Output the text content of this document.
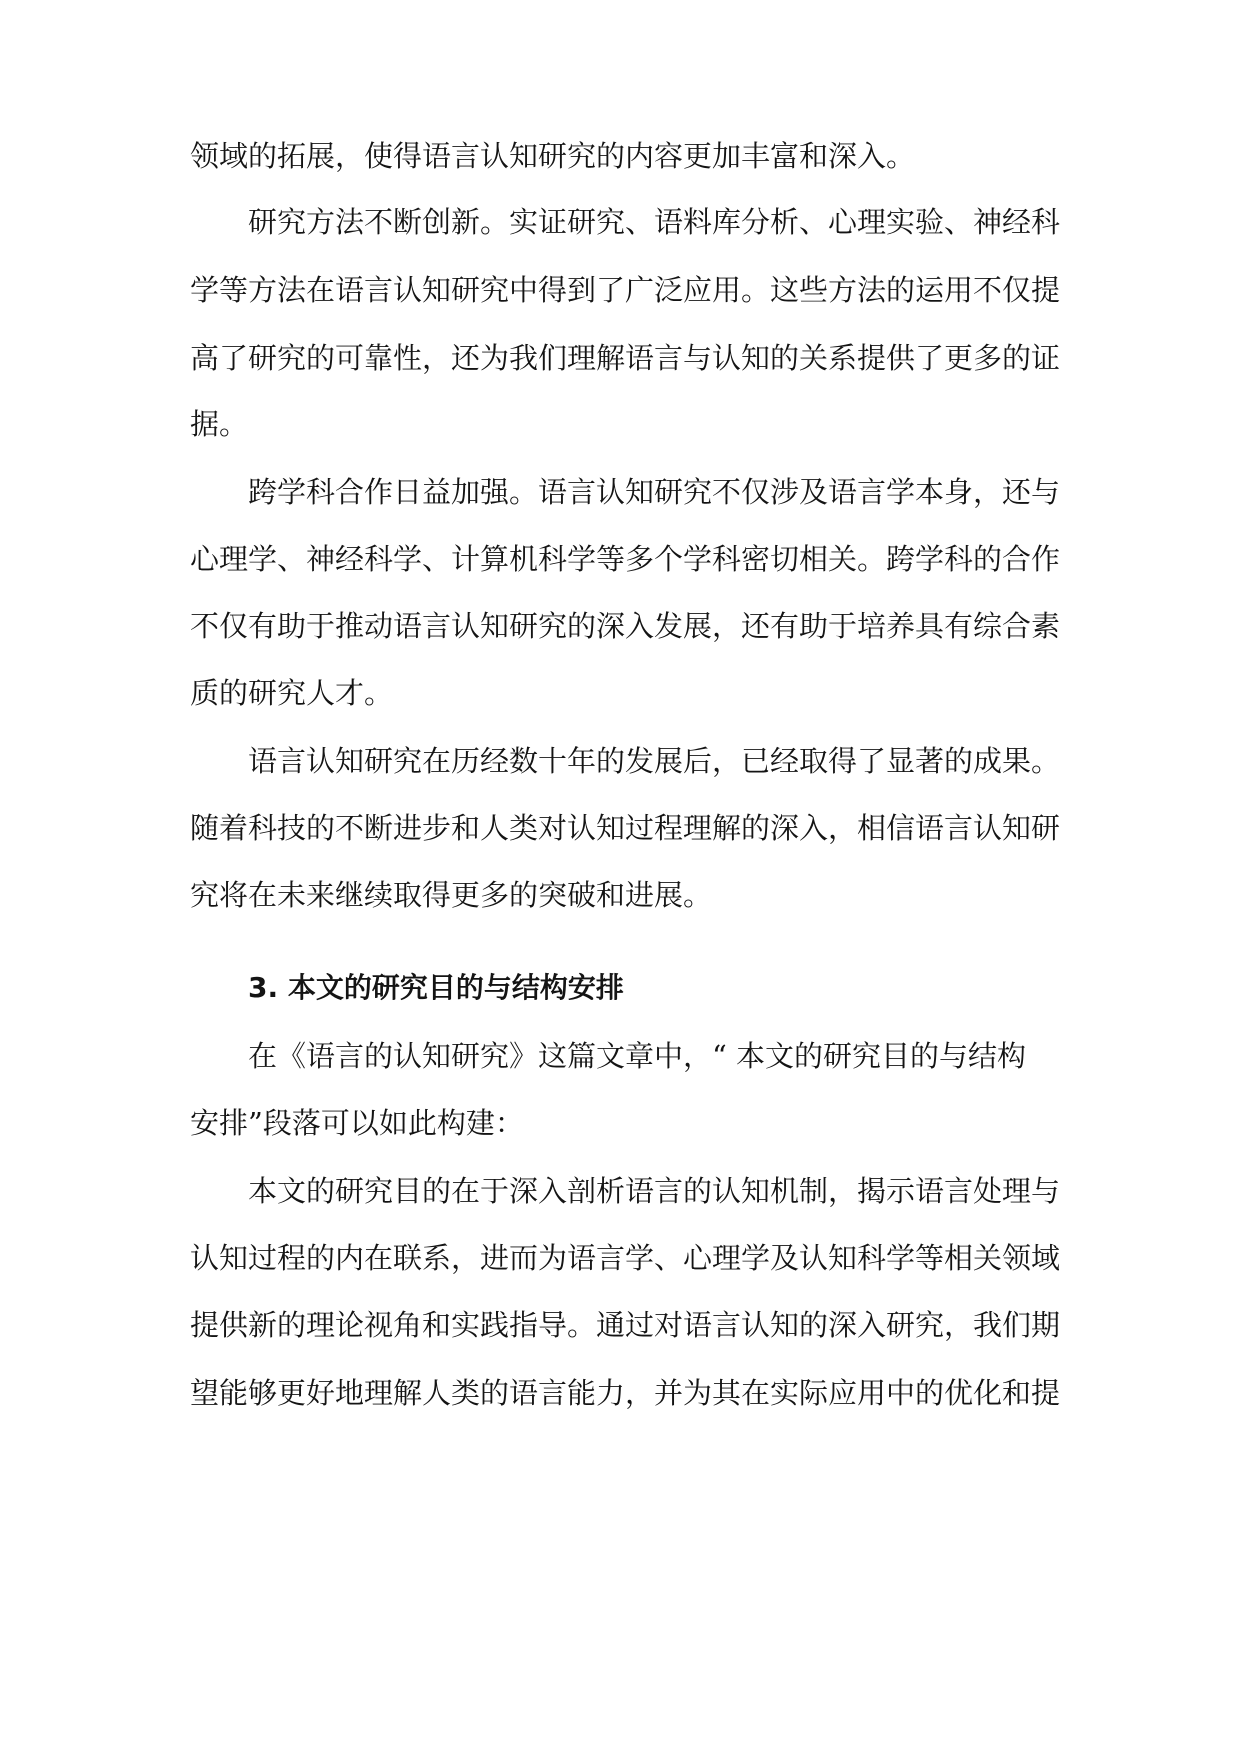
领域的拓展，使得语言认知研究的内容更加丰富和深入。
研究方法不断创新。实证研究、语料库分析、心理实验、神经科
学等方法在语言认知研究中得到了广泛应用。这些方法的运用不仅提
高了研究的可靠性，还为我们理解语言与认知的关系提供了更多的证
据。
跨学科合作日益加强。语言认知研究不仅涉及语言学本身，还与
心理学、神经科学、计算机科学等多个学科密切相关。跨学科的合作
不仅有助于推动语言认知研究的深入发展，还有助于培养具有综合素
质的研究人才。
语言认知研究在历经数十年的发展后，已经取得了显著的成果。
随着科技的不断进步和人类对认知过程理解的深入，相信语言认知研
究将在未来继续取得更多的突破和进展。
3. 本文的研究目的与结构安排
在《语言的认知研究》这篇文章中，“ 本文的研究目的与结构
安排”段落可以如此构建：
本文的研究目的在于深入剖析语言的认知机制，揭示语言处理与
认知过程的内在联系，进而为语言学、心理学及认知科学等相关领域
提供新的理论视角和实践指导。通过对语言认知的深入研究，我们期
望能够更好地理解人类的语言能力，并为其在实际应用中的优化和提
